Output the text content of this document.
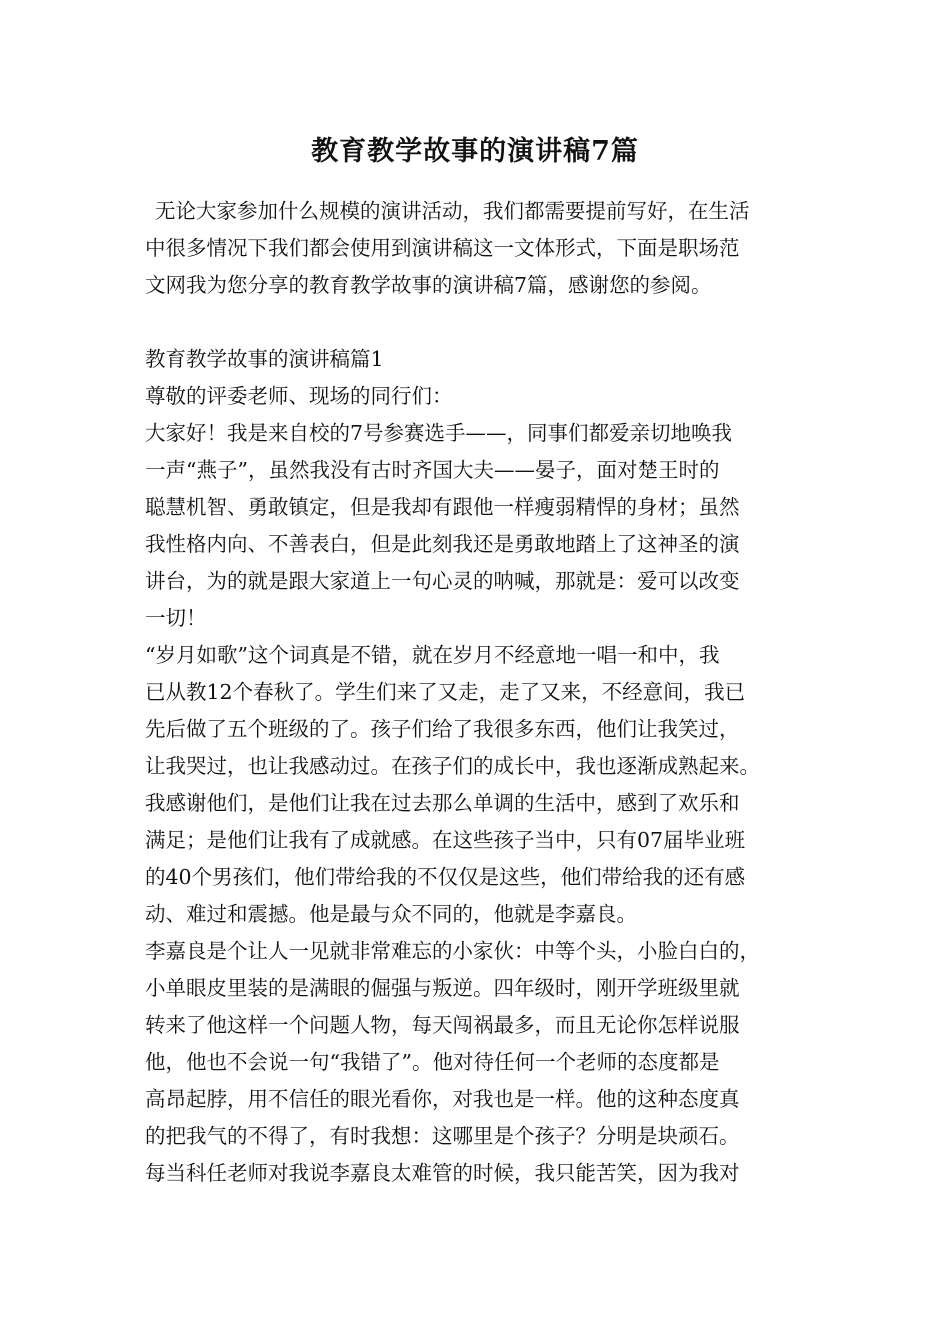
教育教学故事的演讲稿7篇
无论大家参加什么规模的演讲活动，我们都需要提前写好，在生活
中很多情况下我们都会使用到演讲稿这一文体形式，下面是职场范
文网我为您分享的教育教学故事的演讲稿7篇，感谢您的参阅。
教育教学故事的演讲稿篇1
尊敬的评委老师、现场的同行们：
大家好！我是来自校的7号参赛选手——，同事们都爱亲切地唤我
一声“燕子”，虽然我没有古时齐国大夫——晏子，面对楚王时的
聪慧机智、勇敢镇定，但是我却有跟他一样瘦弱精悍的身材；虽然
我性格内向、不善表白，但是此刻我还是勇敢地踏上了这神圣的演
讲台，为的就是跟大家道上一句心灵的呐喊，那就是：爱可以改变
一切！
“岁月如歌”这个词真是不错，就在岁月不经意地一唱一和中，我
已从教12个春秋了。学生们来了又走，走了又来，不经意间，我已
先后做了五个班级的了。孩子们给了我很多东西，他们让我笑过，
让我哭过，也让我感动过。在孩子们的成长中，我也逐渐成熟起来。
我感谢他们，是他们让我在过去那么单调的生活中，感到了欢乐和
满足；是他们让我有了成就感。在这些孩子当中，只有07届毕业班
的40个男孩们，他们带给我的不仅仅是这些，他们带给我的还有感
动、难过和震撼。他是最与众不同的，他就是李嘉良。
李嘉良是个让人一见就非常难忘的小家伙：中等个头，小脸白白的，
小单眼皮里装的是满眼的倔强与叛逆。四年级时，刚开学班级里就
转来了他这样一个问题人物，每天闯祸最多，而且无论你怎样说服
他，他也不会说一句“我错了”。他对待任何一个老师的态度都是
高昂起脖，用不信任的眼光看你，对我也是一样。他的这种态度真
的把我气的不得了，有时我想：这哪里是个孩子？分明是块顽石。
每当科任老师对我说李嘉良太难管的时候，我只能苦笑，因为我对
